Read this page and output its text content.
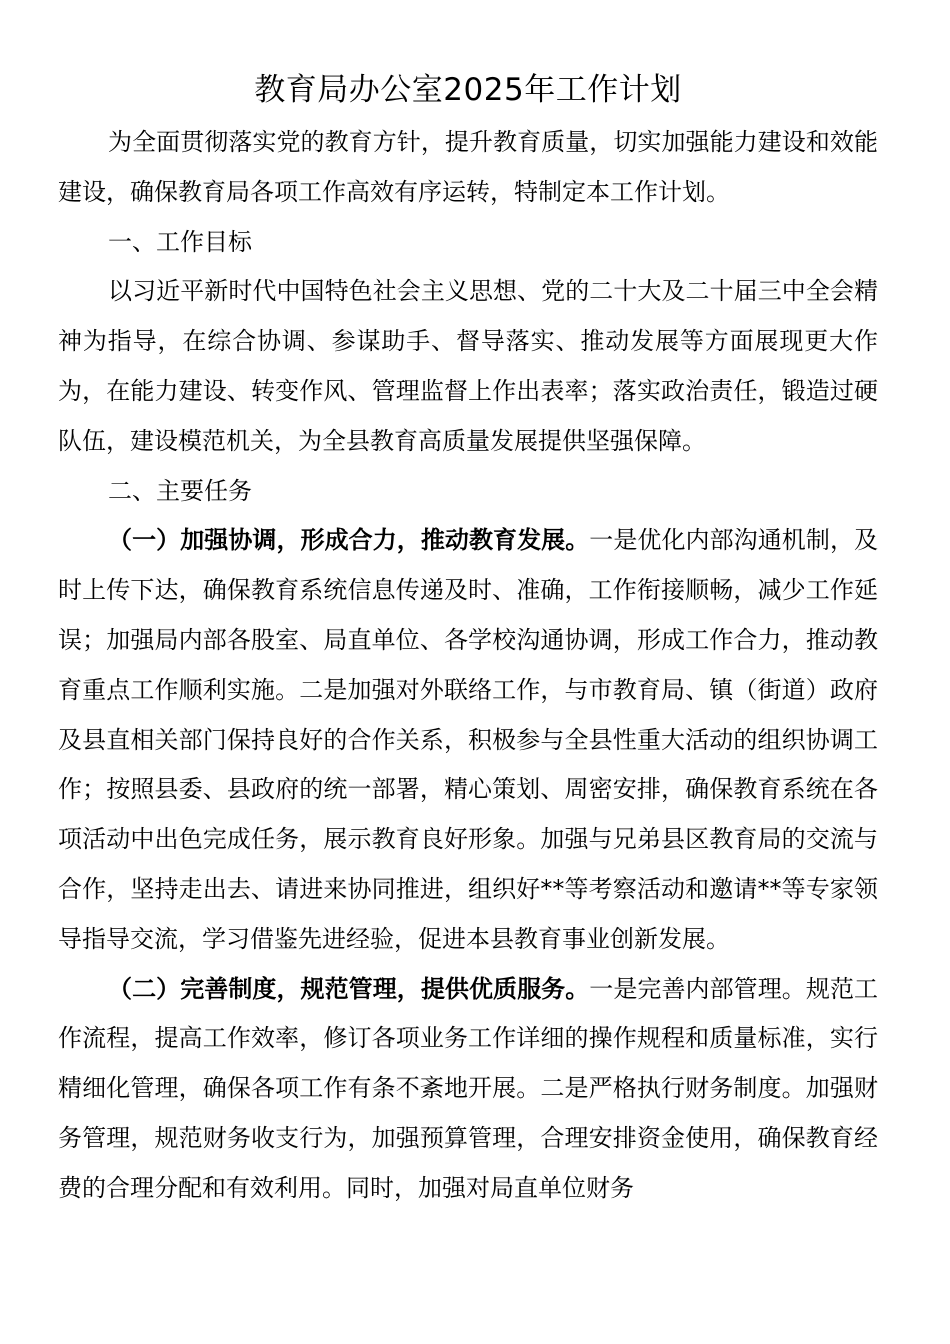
教育局办公室2025年工作计划

为全面贯彻落实党的教育方针，提升教育质量，切实加强能力建设和效能建设，确保教育局各项工作高效有序运转，特制定本工作计划。

一、工作目标

以习近平新时代中国特色社会主义思想、党的二十大及二十届三中全会精神为指导，在综合协调、参谋助手、督导落实、推动发展等方面展现更大作为，在能力建设、转变作风、管理监督上作出表率；落实政治责任，锻造过硬队伍，建设模范机关，为全县教育高质量发展提供坚强保障。

二、主要任务

（一）加强协调，形成合力，推动教育发展。一是优化内部沟通机制，及时上传下达，确保教育系统信息传递及时、准确，工作衔接顺畅，减少工作延误；加强局内部各股室、局直单位、各学校沟通协调，形成工作合力，推动教育重点工作顺利实施。二是加强对外联络工作，与市教育局、镇（街道）政府及县直相关部门保持良好的合作关系，积极参与全县性重大活动的组织协调工作；按照县委、县政府的统一部署，精心策划、周密安排，确保教育系统在各项活动中出色完成任务，展示教育良好形象。加强与兄弟县区教育局的交流与合作，坚持走出去、请进来协同推进，组织好**等考察活动和邀请**等专家领导指导交流，学习借鉴先进经验，促进本县教育事业创新发展。

（二）完善制度，规范管理，提供优质服务。一是完善内部管理。规范工作流程，提高工作效率，修订各项业务工作详细的操作规程和质量标准，实行精细化管理，确保各项工作有条不紊地开展。二是严格执行财务制度。加强财务管理，规范财务收支行为，加强预算管理，合理安排资金使用，确保教育经费的合理分配和有效利用。同时，加强对局直单位财务
